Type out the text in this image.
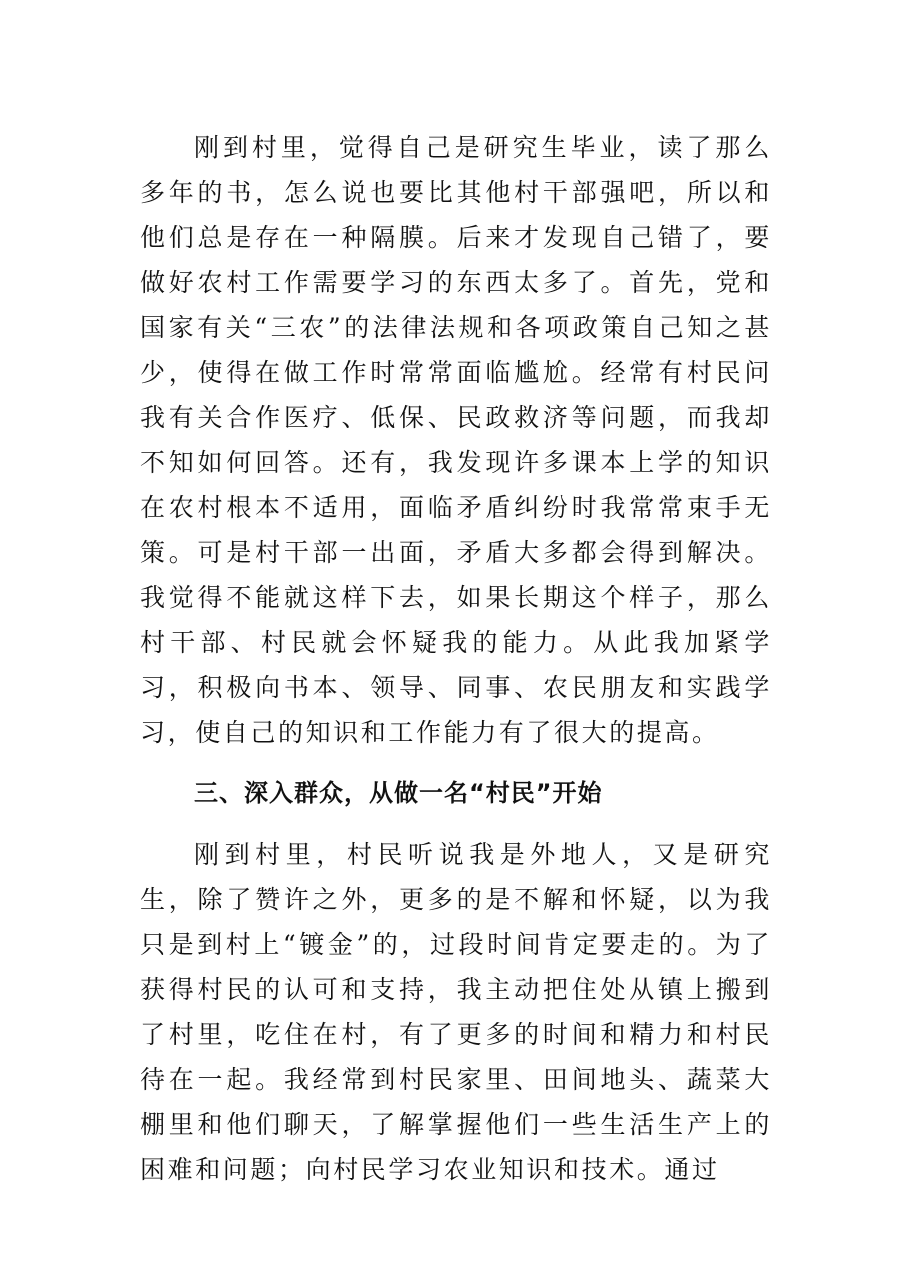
刚到村里，觉得自己是研究生毕业，读了那么多年的书，怎么说也要比其他村干部强吧，所以和他们总是存在一种隔膜。后来才发现自己错了，要做好农村工作需要学习的东西太多了。首先，党和国家有关“三农”的法律法规和各项政策自己知之甚少，使得在做工作时常常面临尴尬。经常有村民问我有关合作医疗、低保、民政救济等问题，而我却不知如何回答。还有，我发现许多课本上学的知识在农村根本不适用，面临矛盾纠纷时我常常束手无策。可是村干部一出面，矛盾大多都会得到解决。我觉得不能就这样下去，如果长期这个样子，那么村干部、村民就会怀疑我的能力。从此我加紧学习，积极向书本、领导、同事、农民朋友和实践学习，使自己的知识和工作能力有了很大的提高。

三、深入群众，从做一名“村民”开始

刚到村里，村民听说我是外地人，又是研究生，除了赞许之外，更多的是不解和怀疑，以为我只是到村上“镀金”的，过段时间肯定要走的。为了获得村民的认可和支持，我主动把住处从镇上搬到了村里，吃住在村，有了更多的时间和精力和村民待在一起。我经常到村民家里、田间地头、蔬菜大棚里和他们聊天，了解掌握他们一些生活生产上的困难和问题；向村民学习农业知识和技术。通过
